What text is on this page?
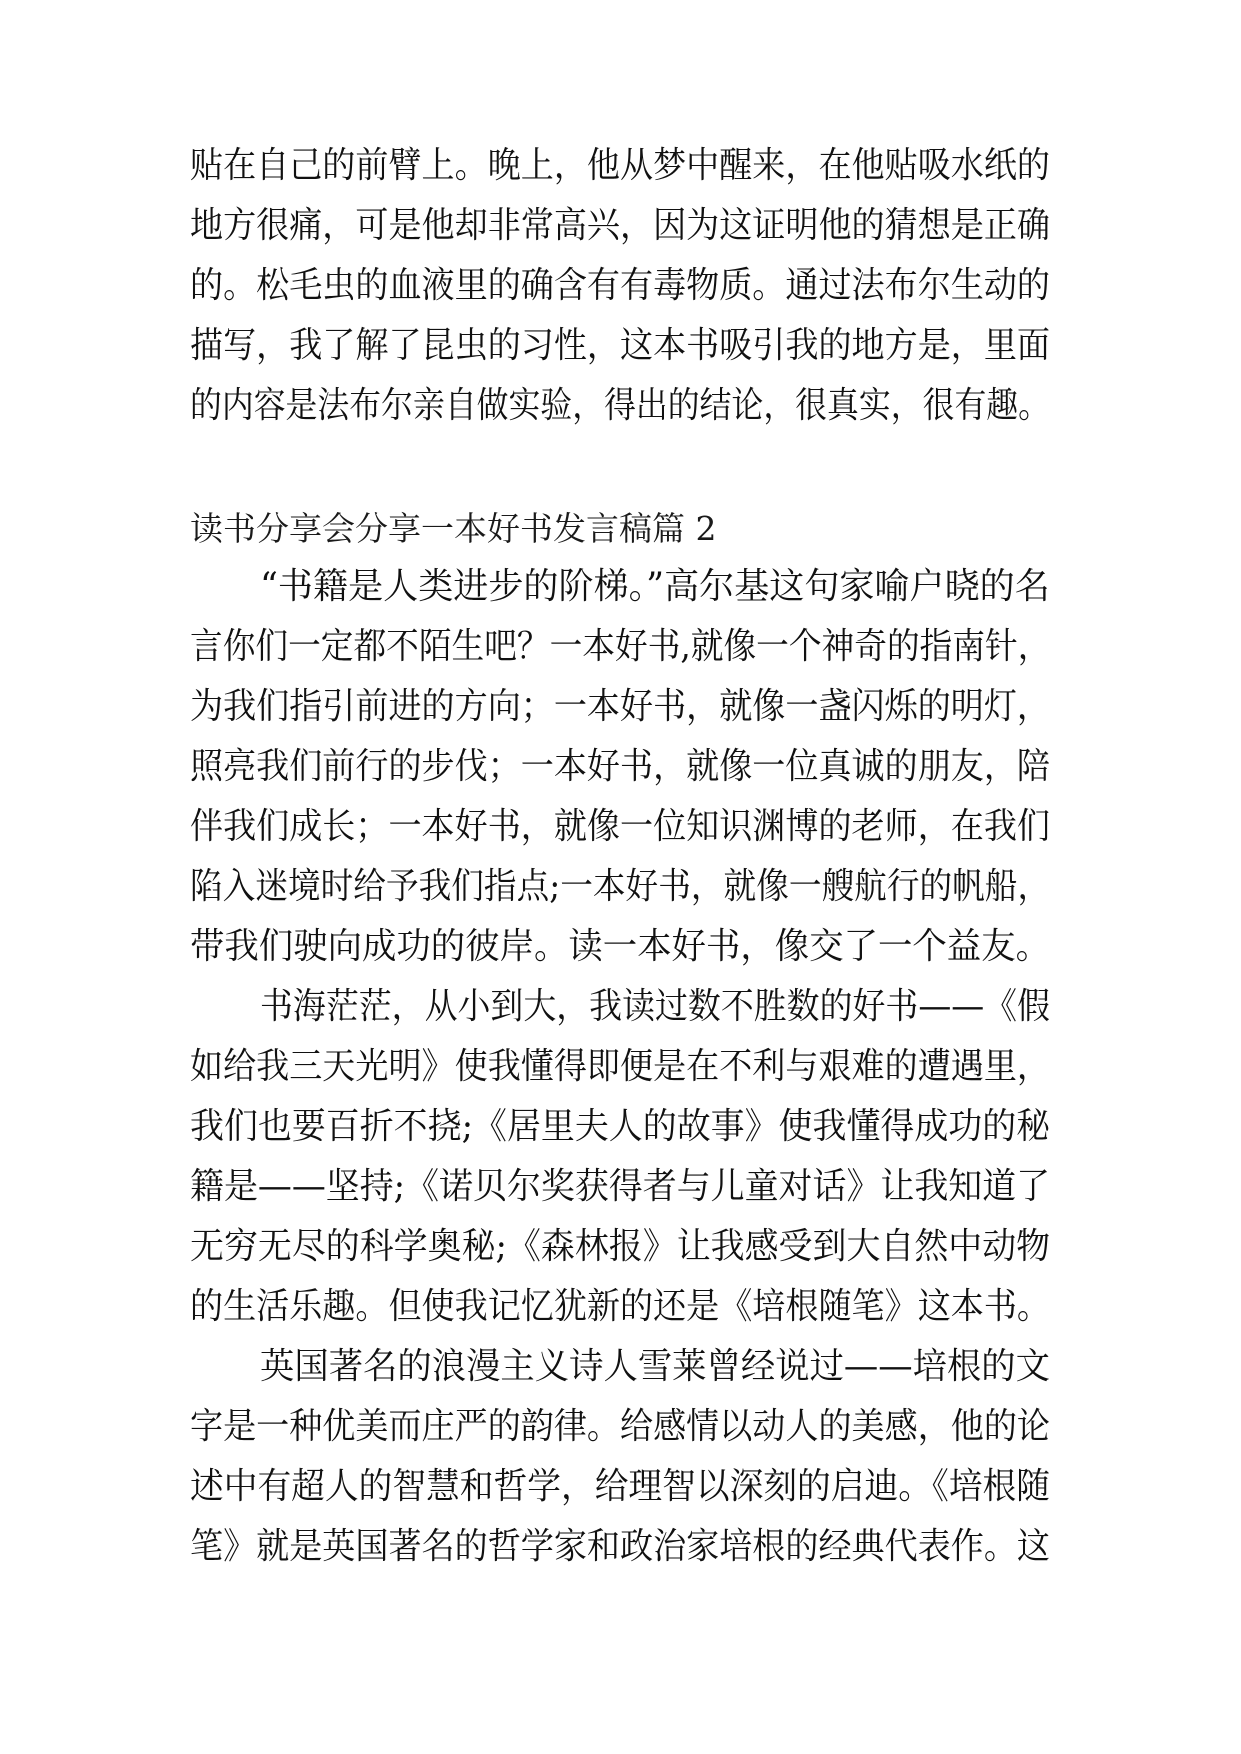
贴在自己的前臂上。晚上，他从梦中醒来，在他贴吸水纸的
地方很痛，可是他却非常高兴，因为这证明他的猜想是正确
的。松毛虫的血液里的确含有有毒物质。通过法布尔生动的
描写，我了解了昆虫的习性，这本书吸引我的地方是，里面
的内容是法布尔亲自做实验，得出的结论，很真实，很有趣。
读书分享会分享一本好书发言稿篇 2
“书籍是人类进步的阶梯。”高尔基这句家喻户晓的名
言你们一定都不陌生吧？一本好书,就像一个神奇的指南针，
为我们指引前进的方向；一本好书，就像一盏闪烁的明灯，
照亮我们前行的步伐；一本好书，就像一位真诚的朋友，陪
伴我们成长；一本好书，就像一位知识渊博的老师，在我们
陷入迷境时给予我们指点;一本好书，就像一艘航行的帆船，
带我们驶向成功的彼岸。读一本好书，像交了一个益友。
书海茫茫，从小到大，我读过数不胜数的好书——《假
如给我三天光明》使我懂得即便是在不利与艰难的遭遇里，
我们也要百折不挠;《居里夫人的故事》使我懂得成功的秘
籍是——坚持;《诺贝尔奖获得者与儿童对话》让我知道了
无穷无尽的科学奥秘;《森林报》让我感受到大自然中动物
的生活乐趣。但使我记忆犹新的还是《培根随笔》这本书。
英国著名的浪漫主义诗人雪莱曾经说过——培根的文
字是一种优美而庄严的韵律。给感情以动人的美感，他的论
述中有超人的智慧和哲学，给理智以深刻的启迪。《培根随
笔》就是英国著名的哲学家和政治家培根的经典代表作。这
